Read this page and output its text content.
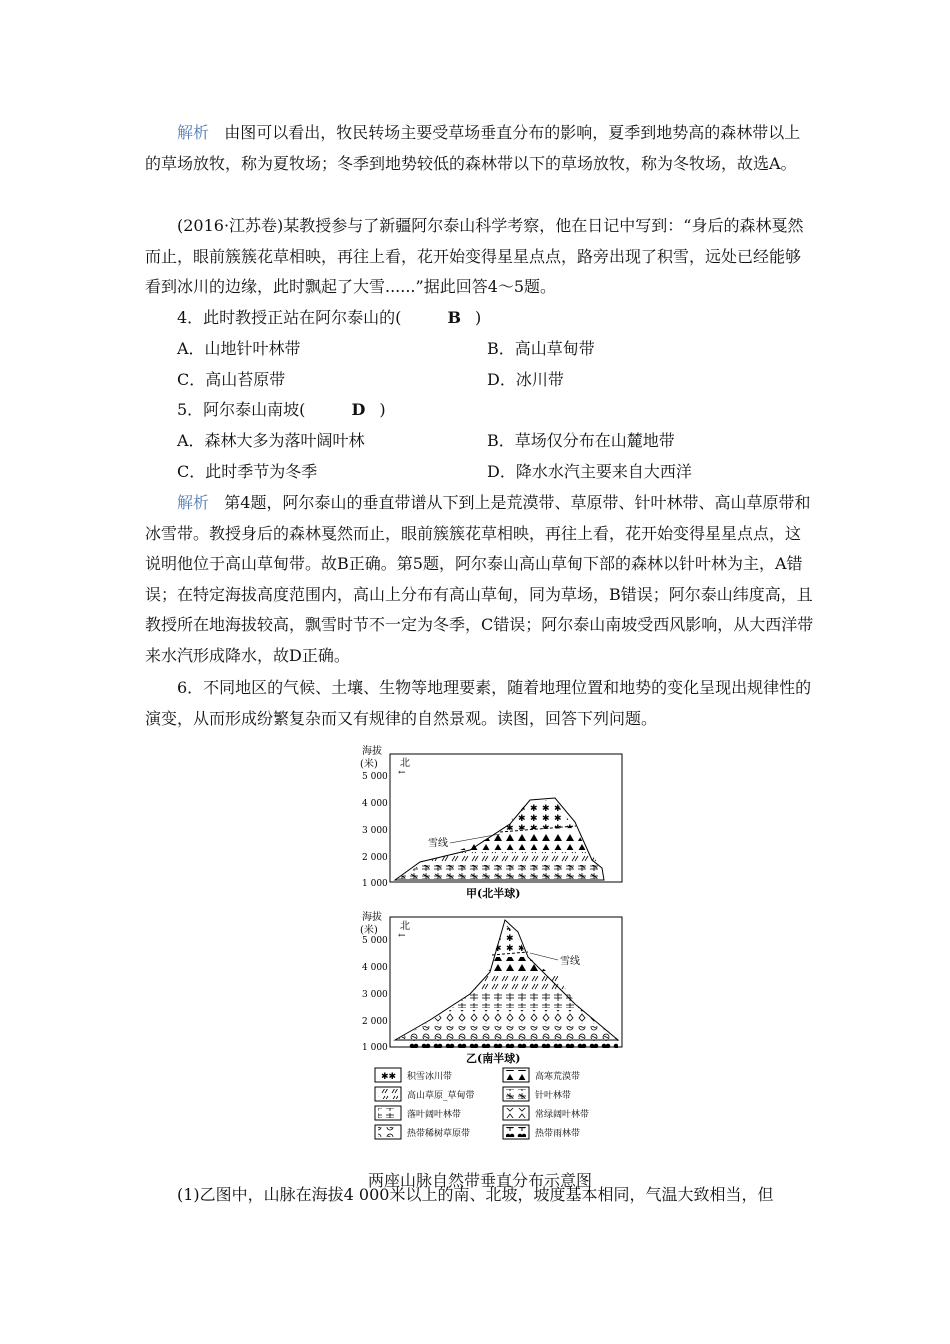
解析 由图可以看出，牧民转场主要受草场垂直分布的影响，夏季到地势高的森林带以上的草场放牧，称为夏牧场；冬季到地势较低的森林带以下的草场放牧，称为冬牧场，故选A。

(2016·江苏卷)某教授参与了新疆阿尔泰山科学考察，他在日记中写到：“身后的森林戛然而止，眼前簇簇花草相映，再往上看，花开始变得星星点点，路旁出现了积雪，远处已经能够看到冰川的边缘，此时飘起了大雪......”据此回答4～5题。

4．此时教授正站在阿尔泰山的(	B )

A．山地针叶林带	B．高山草甸带

C．高山苔原带	D．冰川带

5．阿尔泰山南坡(	D )

A．森林大多为落叶阔叶林	B．草场仅分布在山麓地带

C．此时季节为冬季	D．降水水汽主要来自大西洋

解析 第4题，阿尔泰山的垂直带谱从下到上是荒漠带、草原带、针叶林带、高山草原带和冰雪带。教授身后的森林戛然而止，眼前簇簇花草相映，再往上看，花开始变得星星点点，这说明他位于高山草甸带。故B正确。第5题，阿尔泰山高山草甸下部的森林以针叶林为主，A错误；在特定海拔高度范围内，高山上分布有高山草甸，同为草场，B错误；阿尔泰山纬度高，且教授所在地海拔较高，飘雪时节不一定为冬季，C错误；阿尔泰山南坡受西风影响，从大西洋带来水汽形成降水，故D正确。

6．不同地区的气候、土壤、生物等地理要素，随着地理位置和地势的变化呈现出规律性的演变，从而形成纷繁复杂而又有规律的自然景观。读图，回答下列问题。

海拔
(米) 北
←
5 000
4 000
3 000
2 000
1 000
雪线
甲(北半球)
海拔
(米) 北
←
5 000
4 000
3 000
2 000
1 000
雪线
乙(南半球)
✱✱ 积雪冰川带	高寒荒漠带
高山草原_草甸带	针叶林带
落叶阔叶林带	常绿阔叶林带
热带稀树草原带	热带雨林带

两座山脉自然带垂直分布示意图

(1)乙图中，山脉在海拔4 000米以上的南、北坡，坡度基本相同，气温大致相当，但
